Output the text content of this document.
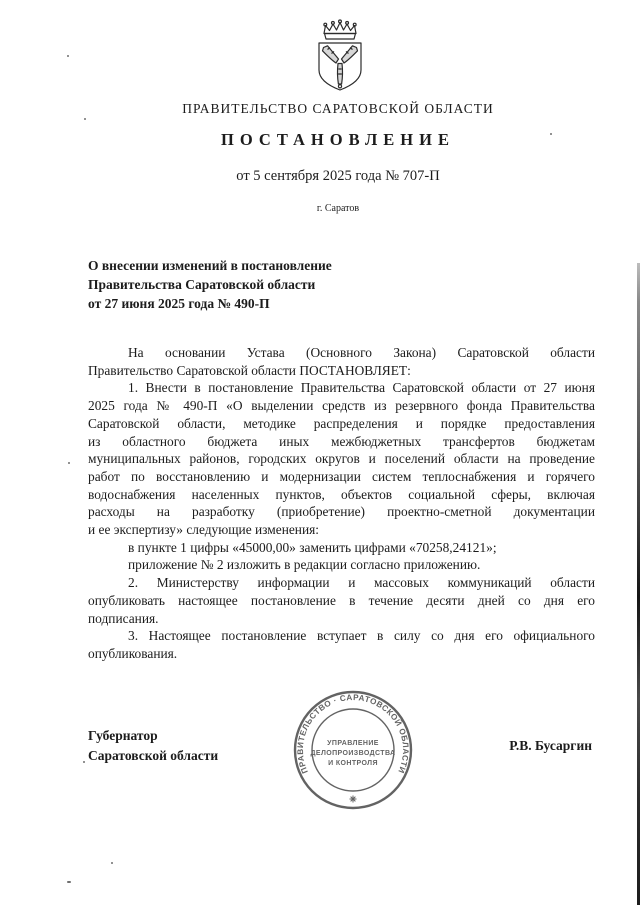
ПРАВИТЕЛЬСТВО САРАТОВСКОЙ ОБЛАСТИ
ПОСТАНОВЛЕНИЕ
от 5 сентября 2025 года № 707-П
г. Саратов
О внесении изменений в постановление
Правительства Саратовской области
от 27 июня 2025 года № 490-П
На основании Устава (Основного Закона) Саратовской области
Правительство Саратовской области ПОСТАНОВЛЯЕТ:
1. Внести в постановление Правительства Саратовской области от 27 июня
2025 года № 490-П «О выделении средств из резервного фонда Правительства
Саратовской области, методике распределения и порядке предоставления
из областного бюджета иных межбюджетных трансфертов бюджетам
муниципальных районов, городских округов и поселений области на проведение
работ по восстановлению и модернизации систем теплоснабжения и горячего
водоснабжения населенных пунктов, объектов социальной сферы, включая
расходы на разработку (приобретение) проектно-сметной документации
и ее экспертизу» следующие изменения:
в пункте 1 цифры «45000,00» заменить цифрами «70258,24121»;
приложение № 2 изложить в редакции согласно приложению.
2. Министерству информации и массовых коммуникаций области
опубликовать настоящее постановление в течение десяти дней со дня его
подписания.
3. Настоящее постановление вступает в силу со дня его официального
опубликования.
Губернатор
Саратовской области
ПРАВИТЕЛЬСТВО · САРАТОВСКОЙ ОБЛАСТИ
УПРАВЛЕНИЕ
ДЕЛОПРОИЗВОДСТВА
И КОНТРОЛЯ
Р.В. Бусаргин
